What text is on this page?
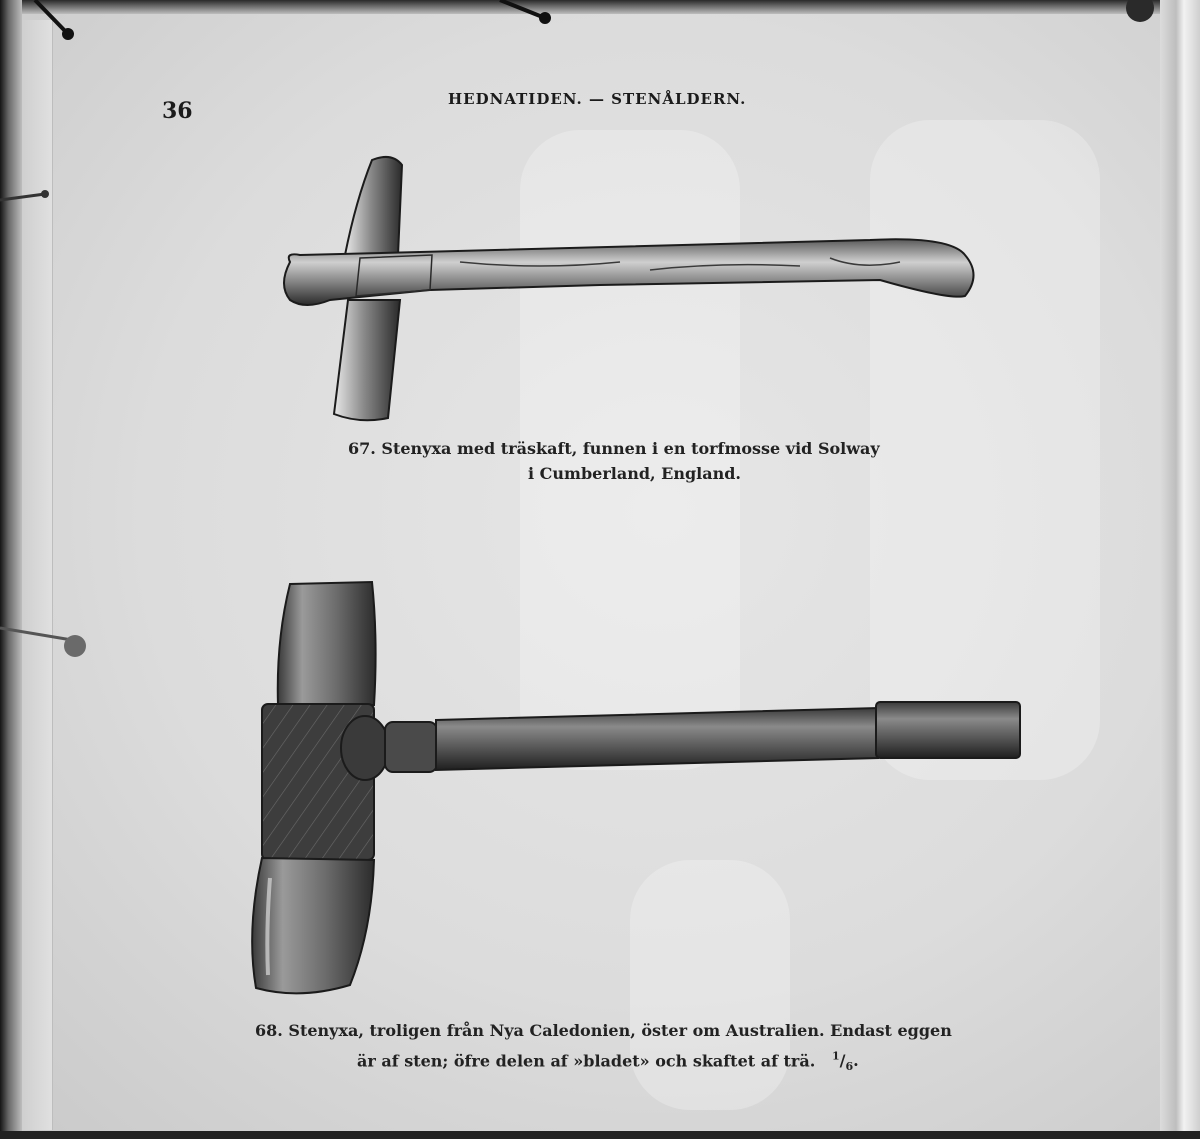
36	HEDNATIDEN. — STENÅLDERN.
67. Stenyxa med träskaft, funnen i en torfmosse vid Solway
i Cumberland, England.
68. Stenyxa, troligen från Nya Caledonien, öster om Australien. Endast eggen
är af sten; öfre delen af »bladet» och skaftet af trä. $^1/_6$.
